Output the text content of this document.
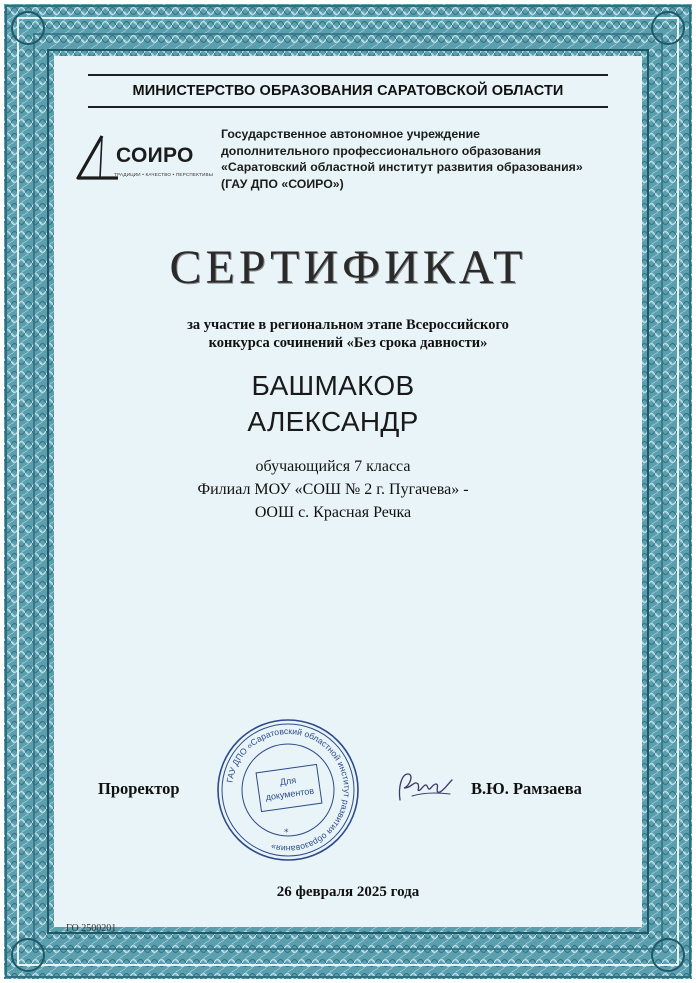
МИНИСТЕРСТВО ОБРАЗОВАНИЯ САРАТОВСКОЙ ОБЛАСТИ
СОИРО
ТРАДИЦИИ • КАЧЕСТВО • ПЕРСПЕКТИВЫ
Государственное автономное учреждение
дополнительного профессионального образования
«Саратовский областной институт развития образования»
(ГАУ ДПО «СОИРО»)
СЕРТИФИКАТ
за участие в региональном этапе Всероссийского
конкурса сочинений «Без срока давности»
БАШМАКОВ
АЛЕКСАНДР
обучающийся 7 класса
Филиал МОУ «СОШ № 2 г. Пугачева» -
ООШ с. Красная Речка
Проректор	ГАУ ДПО «Саратовский областной институт развития образования»
Для
документов
*
В.Ю. Рамзаева
26 февраля 2025 года
ГО 2500201
